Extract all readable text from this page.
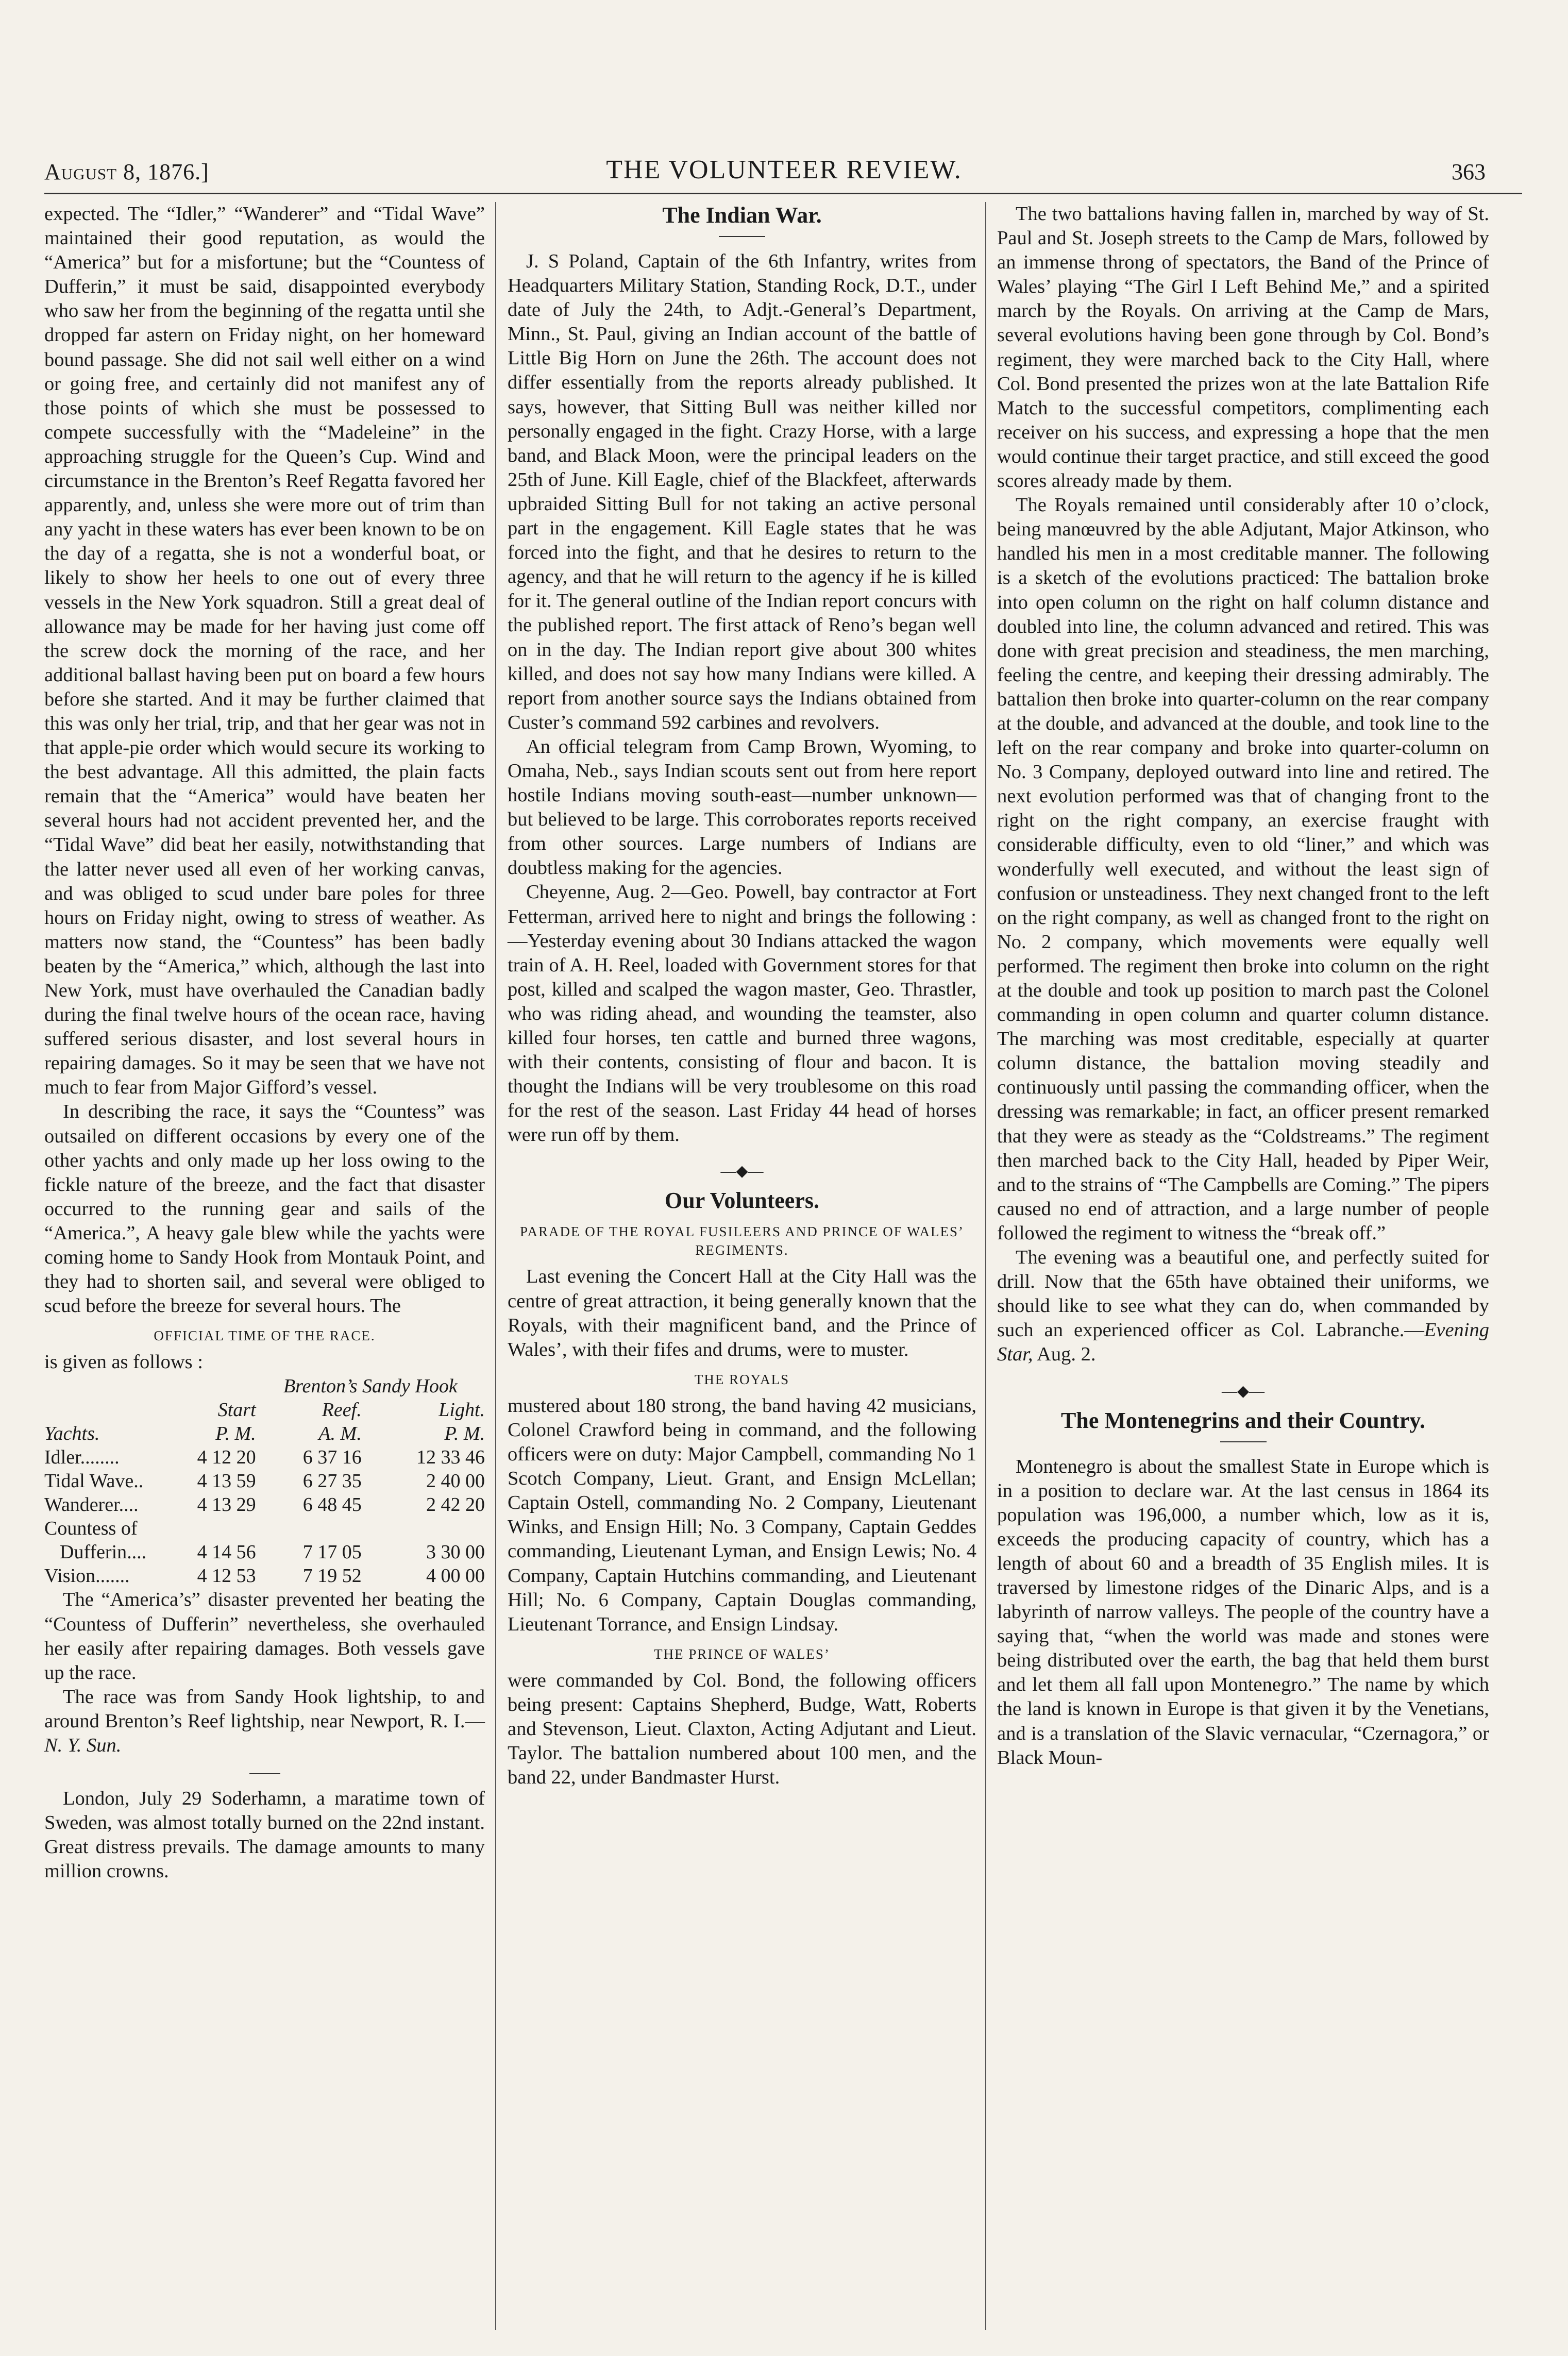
August 8, 1876.]	THE VOLUNTEER REVIEW.	363

expected. The “Idler,” “Wanderer” and “Tidal Wave” maintained their good reputation, as would the “America” but for a misfortune; but the “Countess of Dufferin,” it must be said, disappointed everybody who saw her from the beginning of the regatta until she dropped far astern on Friday night, on her homeward bound passage. She did not sail well either on a wind or going free, and certainly did not manifest any of those points of which she must be possessed to compete successfully with the “Madeleine” in the approaching struggle for the Queen’s Cup. Wind and circumstance in the Brenton’s Reef Regatta favored her apparently, and, unless she were more out of trim than any yacht in these waters has ever been known to be on the day of a regatta, she is not a wonderful boat, or likely to show her heels to one out of every three vessels in the New York squadron. Still a great deal of allowance may be made for her having just come off the screw dock the morning of the race, and her additional ballast having been put on board a few hours before she started. And it may be further claimed that this was only her trial, trip, and that her gear was not in that apple-pie order which would secure its working to the best advantage. All this admitted, the plain facts remain that the “America” would have beaten her several hours had not accident prevented her, and the “Tidal Wave” did beat her easily, notwithstanding that the latter never used all even of her working canvas, and was obliged to scud under bare poles for three hours on Friday night, owing to stress of weather. As matters now stand, the “Countess” has been badly beaten by the “America,” which, although the last into New York, must have overhauled the Canadian badly during the final twelve hours of the ocean race, having suffered serious disaster, and lost several hours in repairing damages. So it may be seen that we have not much to fear from Major Gifford’s vessel.

In describing the race, it says the “Countess” was outsailed on different occasions by every one of the other yachts and only made up her loss owing to the fickle nature of the breeze, and the fact that disaster occurred to the running gear and sails of the “America.”, A heavy gale blew while the yachts were coming home to Sandy Hook from Montauk Point, and they had to shorten sail, and several were obliged to scud before the breeze for several hours. The

OFFICIAL TIME OF THE RACE.

is given as follows :

		Brenton’s Sandy Hook	
	Start	Reef.	Light.
Yachts.	P. M.	A. M.	P. M.
Idler........	4 12 20	6 37 16	12 33 46
Tidal Wave..	4 13 59	6 27 35	2 40 00
Wanderer....	4 13 29	6 48 45	2 42 20
Countess of			
Dufferin....	4 14 56	7 17 05	3 30 00
Vision.......	4 12 53	7 19 52	4 00 00

The “America’s” disaster prevented her beating the “Countess of Dufferin” nevertheless, she overhauled her easily after repairing damages. Both vessels gave up the race.

The race was from Sandy Hook lightship, to and around Brenton’s Reef lightship, near Newport, R. I.—N. Y. Sun.

London, July 29 Soderhamn, a maratime town of Sweden, was almost totally burned on the 22nd instant. Great distress prevails. The damage amounts to many million crowns.

The Indian War.

J. S Poland, Captain of the 6th Infantry, writes from Headquarters Military Station, Standing Rock, D.T., under date of July the 24th, to Adjt.-General’s Department, Minn., St. Paul, giving an Indian account of the battle of Little Big Horn on June the 26th. The account does not differ essentially from the reports already published. It says, however, that Sitting Bull was neither killed nor personally engaged in the fight. Crazy Horse, with a large band, and Black Moon, were the principal leaders on the 25th of June. Kill Eagle, chief of the Blackfeet, afterwards upbraided Sitting Bull for not taking an active personal part in the engagement. Kill Eagle states that he was forced into the fight, and that he desires to return to the agency, and that he will return to the agency if he is killed for it. The general outline of the Indian report concurs with the published report. The first attack of Reno’s began well on in the day. The Indian report give about 300 whites killed, and does not say how many Indians were killed. A report from another source says the Indians obtained from Custer’s command 592 carbines and revolvers.

An official telegram from Camp Brown, Wyoming, to Omaha, Neb., says Indian scouts sent out from here report hostile Indians moving south-east—number unknown—but believed to be large. This corroborates reports received from other sources. Large numbers of Indians are doubtless making for the agencies.

Cheyenne, Aug. 2—Geo. Powell, bay contractor at Fort Fetterman, arrived here to night and brings the following :—Yesterday evening about 30 Indians attacked the wagon train of A. H. Reel, loaded with Government stores for that post, killed and scalped the wagon master, Geo. Thrastler, who was riding ahead, and wounding the teamster, also killed four horses, ten cattle and burned three wagons, with their contents, consisting of flour and bacon. It is thought the Indians will be very troublesome on this road for the rest of the season. Last Friday 44 head of horses were run off by them.

—◆—
Our Volunteers.
PARADE OF THE ROYAL FUSILEERS AND PRINCE OF WALES’ REGIMENTS.

Last evening the Concert Hall at the City Hall was the centre of great attraction, it being generally known that the Royals, with their magnificent band, and the Prince of Wales’, with their fifes and drums, were to muster.

THE ROYALS

mustered about 180 strong, the band having 42 musicians, Colonel Crawford being in command, and the following officers were on duty: Major Campbell, commanding No 1 Scotch Company, Lieut. Grant, and Ensign McLellan; Captain Ostell, commanding No. 2 Company, Lieutenant Winks, and Ensign Hill; No. 3 Company, Captain Geddes commanding, Lieutenant Lyman, and Ensign Lewis; No. 4 Company, Captain Hutchins commanding, and Lieutenant Hill; No. 6 Company, Captain Douglas commanding, Lieutenant Torrance, and Ensign Lindsay.

THE PRINCE OF WALES’

were commanded by Col. Bond, the following officers being present: Captains Shepherd, Budge, Watt, Roberts and Stevenson, Lieut. Claxton, Acting Adjutant and Lieut. Taylor. The battalion numbered about 100 men, and the band 22, under Bandmaster Hurst.

The two battalions having fallen in, marched by way of St. Paul and St. Joseph streets to the Camp de Mars, followed by an immense throng of spectators, the Band of the Prince of Wales’ playing “The Girl I Left Behind Me,” and a spirited march by the Royals. On arriving at the Camp de Mars, several evolutions having been gone through by Col. Bond’s regiment, they were marched back to the City Hall, where Col. Bond presented the prizes won at the late Battalion Rife Match to the successful competitors, complimenting each receiver on his success, and expressing a hope that the men would continue their target practice, and still exceed the good scores already made by them.

The Royals remained until considerably after 10 o’clock, being manœuvred by the able Adjutant, Major Atkinson, who handled his men in a most creditable manner. The following is a sketch of the evolutions practiced: The battalion broke into open column on the right on half column distance and doubled into line, the column advanced and retired. This was done with great precision and steadiness, the men marching, feeling the centre, and keeping their dressing admirably. The battalion then broke into quarter-column on the rear company at the double, and advanced at the double, and took line to the left on the rear company and broke into quarter-column on No. 3 Company, deployed outward into line and retired. The next evolution performed was that of changing front to the right on the right company, an exercise fraught with considerable difficulty, even to old “liner,” and which was wonderfully well executed, and without the least sign of confusion or unsteadiness. They next changed front to the left on the right company, as well as changed front to the right on No. 2 company, which movements were equally well performed. The regiment then broke into column on the right at the double and took up position to march past the Colonel commanding in open column and quarter column distance. The marching was most creditable, especially at quarter column distance, the battalion moving steadily and continuously until passing the commanding officer, when the dressing was remarkable; in fact, an officer present remarked that they were as steady as the “Coldstreams.” The regiment then marched back to the City Hall, headed by Piper Weir, and to the strains of “The Campbells are Coming.” The pipers caused no end of attraction, and a large number of people followed the regiment to witness the “break off.”

The evening was a beautiful one, and perfectly suited for drill. Now that the 65th have obtained their uniforms, we should like to see what they can do, when commanded by such an experienced officer as Col. Labranche.—Evening Star, Aug. 2.

—◆—
The Montenegrins and their Country.

Montenegro is about the smallest State in Europe which is in a position to declare war. At the last census in 1864 its population was 196,000, a number which, low as it is, exceeds the producing capacity of country, which has a length of about 60 and a breadth of 35 English miles. It is traversed by limestone ridges of the Dinaric Alps, and is a labyrinth of narrow valleys. The people of the country have a saying that, “when the world was made and stones were being distributed over the earth, the bag that held them burst and let them all fall upon Montenegro.” The name by which the land is known in Europe is that given it by the Venetians, and is a translation of the Slavic vernacular, “Czernagora,” or Black Moun-
